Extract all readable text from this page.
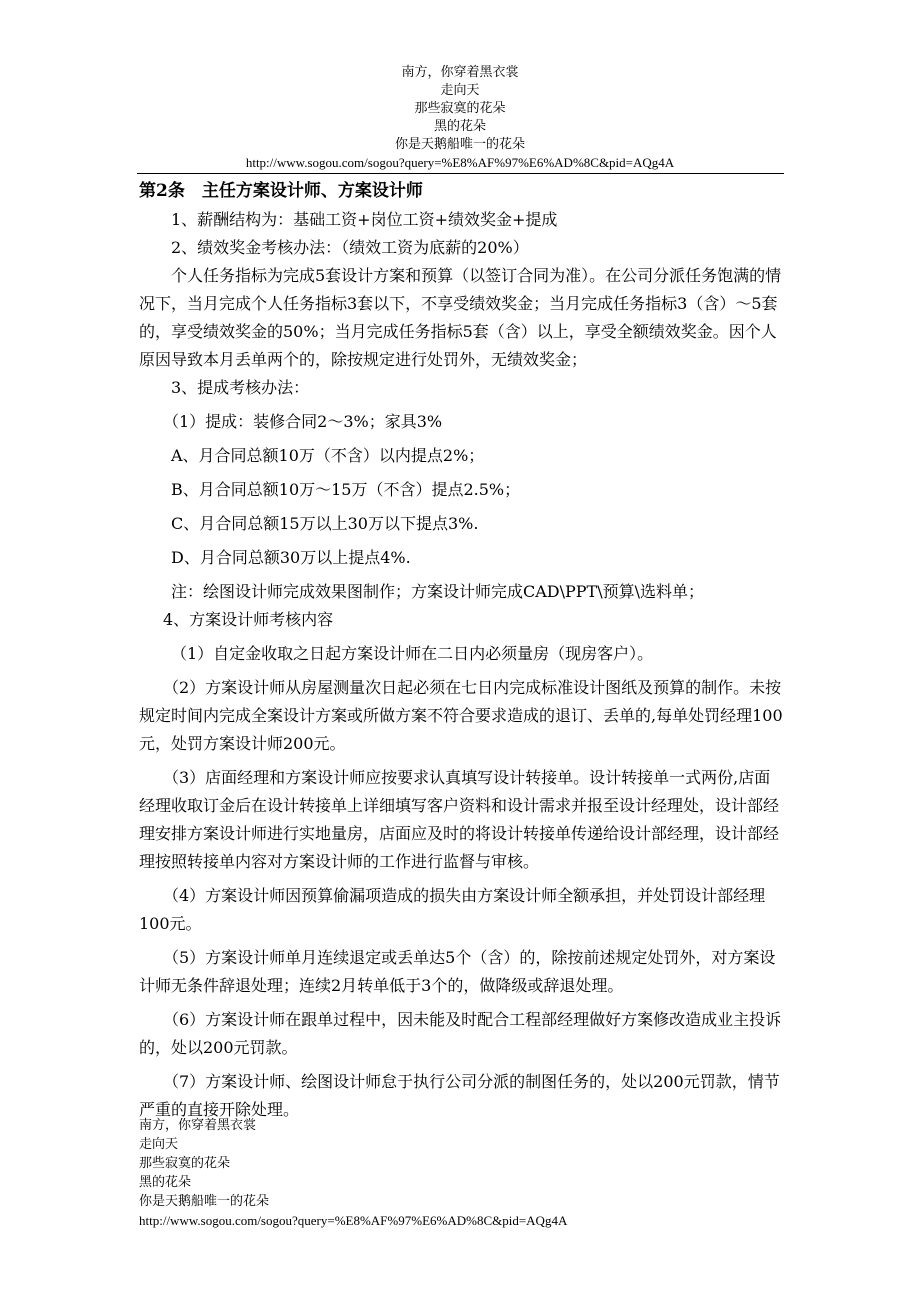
南方，你穿着黑衣裳
走向天
那些寂寞的花朵
黑的花朵
你是天鹅船唯一的花朵
http://www.sogou.com/sogou?query=%E8%AF%97%E6%AD%8C&pid=AQg4A

第2条　主任方案设计师、方案设计师

1、薪酬结构为：基础工资+岗位工资+绩效奖金+提成

2、绩效奖金考核办法：（绩效工资为底薪的20%）

个人任务指标为完成5套设计方案和预算（以签订合同为准）。在公司分派任务饱满的情况下，当月完成个人任务指标3套以下，不享受绩效奖金；当月完成任务指标3（含）～5套的，享受绩效奖金的50%；当月完成任务指标5套（含）以上，享受全额绩效奖金。因个人原因导致本月丢单两个的，除按规定进行处罚外，无绩效奖金；

3、提成考核办法：

（1）提成：装修合同2～3%；家具3%

A、月合同总额10万（不含）以内提点2%；

B、月合同总额10万～15万（不含）提点2.5%；

C、月合同总额15万以上30万以下提点3%.

D、月合同总额30万以上提点4%.

注：绘图设计师完成效果图制作；方案设计师完成CAD\PPT\预算\选料单；

4、方案设计师考核内容

（1）自定金收取之日起方案设计师在二日内必须量房（现房客户）。

（2）方案设计师从房屋测量次日起必须在七日内完成标准设计图纸及预算的制作。未按规定时间内完成全案设计方案或所做方案不符合要求造成的退订、丢单的,每单处罚经理100元，处罚方案设计师200元。

（3）店面经理和方案设计师应按要求认真填写设计转接单。设计转接单一式两份,店面经理收取订金后在设计转接单上详细填写客户资料和设计需求并报至设计经理处，设计部经理安排方案设计师进行实地量房，店面应及时的将设计转接单传递给设计部经理，设计部经理按照转接单内容对方案设计师的工作进行监督与审核。

（4）方案设计师因预算偷漏项造成的损失由方案设计师全额承担，并处罚设计部经理100元。

（5）方案设计师单月连续退定或丢单达5个（含）的，除按前述规定处罚外，对方案设计师无条件辞退处理；连续2月转单低于3个的，做降级或辞退处理。

（6）方案设计师在跟单过程中，因未能及时配合工程部经理做好方案修改造成业主投诉的，处以200元罚款。

（7）方案设计师、绘图设计师怠于执行公司分派的制图任务的，处以200元罚款，情节严重的直接开除处理。

南方，你穿着黑衣裳
走向天
那些寂寞的花朵
黑的花朵
你是天鹅船唯一的花朵
http://www.sogou.com/sogou?query=%E8%AF%97%E6%AD%8C&pid=AQg4A
